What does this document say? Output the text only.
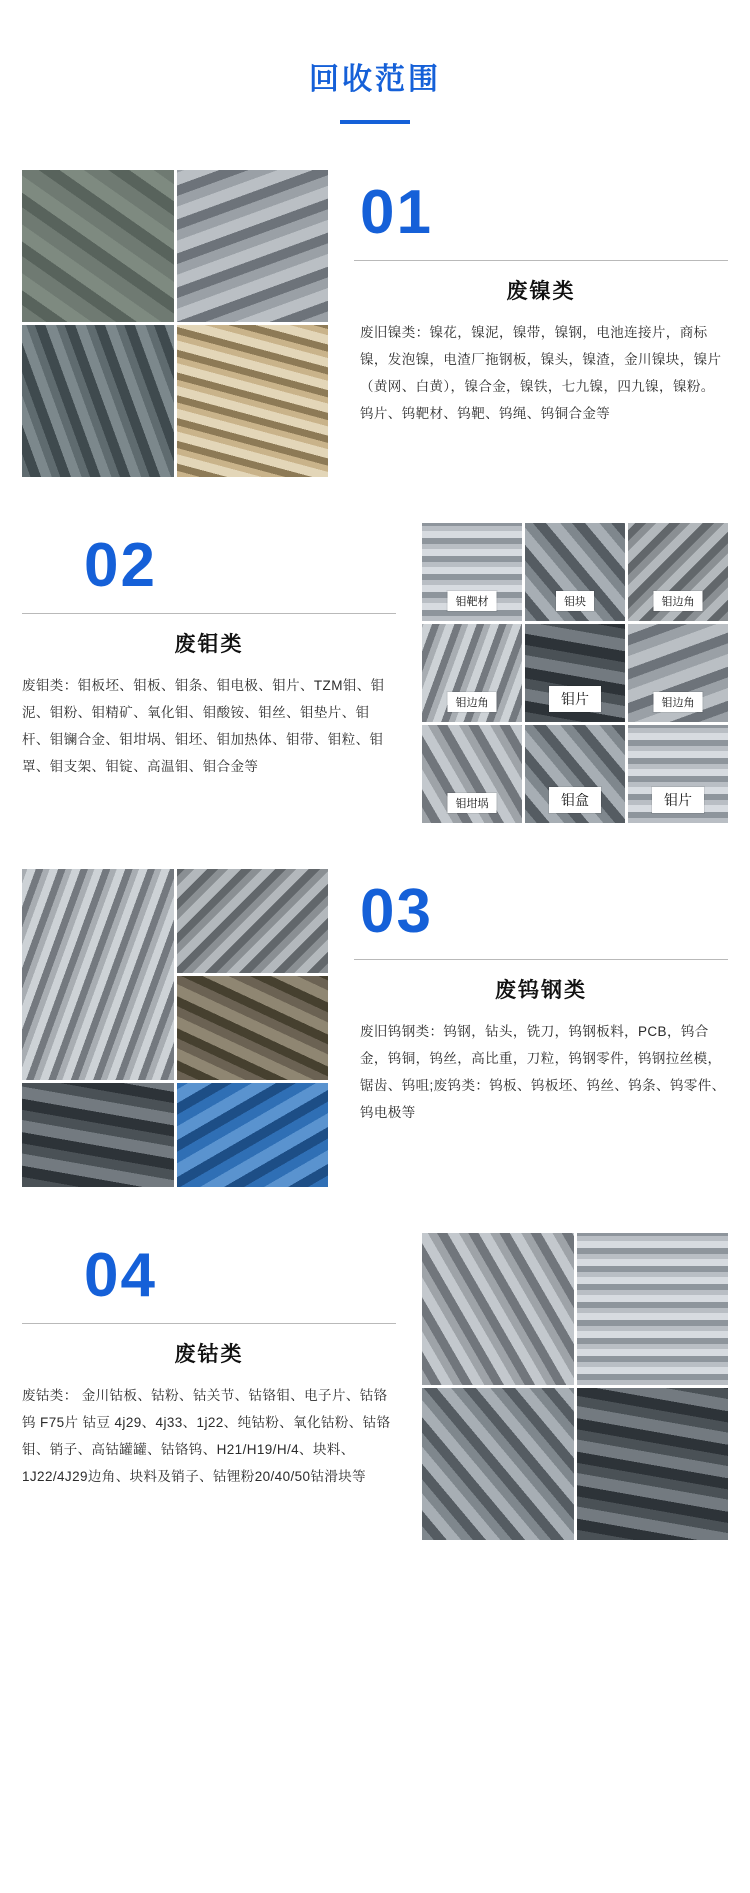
回收范围
01
废镍类
废旧镍类：镍花，镍泥，镍带，镍钢，电池连接片，商标镍，发泡镍，电渣厂拖钢板，镍头，镍渣，金川镍块，镍片（黄网、白黄），镍合金，镍铁，七九镍，四九镍，镍粉。钨片、钨靶材、钨靶、钨绳、钨铜合金等
钼靶材	钼块	钼边角
钼边角	钼片	钼边角
钼坩埚	钼盒	钼片
02
废钼类
废钼类：钼板坯、钼板、钼条、钼电极、钼片、TZM钼、钼泥、钼粉、钼精矿、氧化钼、钼酸铵、钼丝、钼垫片、钼杆、钼镧合金、钼坩埚、钼坯、钼加热体、钼带、钼粒、钼罩、钼支架、钼锭、高温钼、钼合金等
03
废钨钢类
废旧钨钢类：钨钢，钻头，铣刀，钨钢板料，PCB，钨合金，钨铜，钨丝，高比重，刀粒，钨钢零件，钨钢拉丝模，锯齿、钨咀;废钨类：钨板、钨板坯、钨丝、钨条、钨零件、钨电极等
04
废钴类
废钴类： 金川钴板、钴粉、钴关节、钴铬钼、电子片、钴铬钨 F75片 钴豆 4j29、4j33、1j22、纯钴粉、氧化钴粉、钴铬钼、销子、高钴罐罐、钴铬钨、H21/H19/H/4、块料、1J22/4J29边角、块料及销子、钴锂粉20/40/50钴滑块等
